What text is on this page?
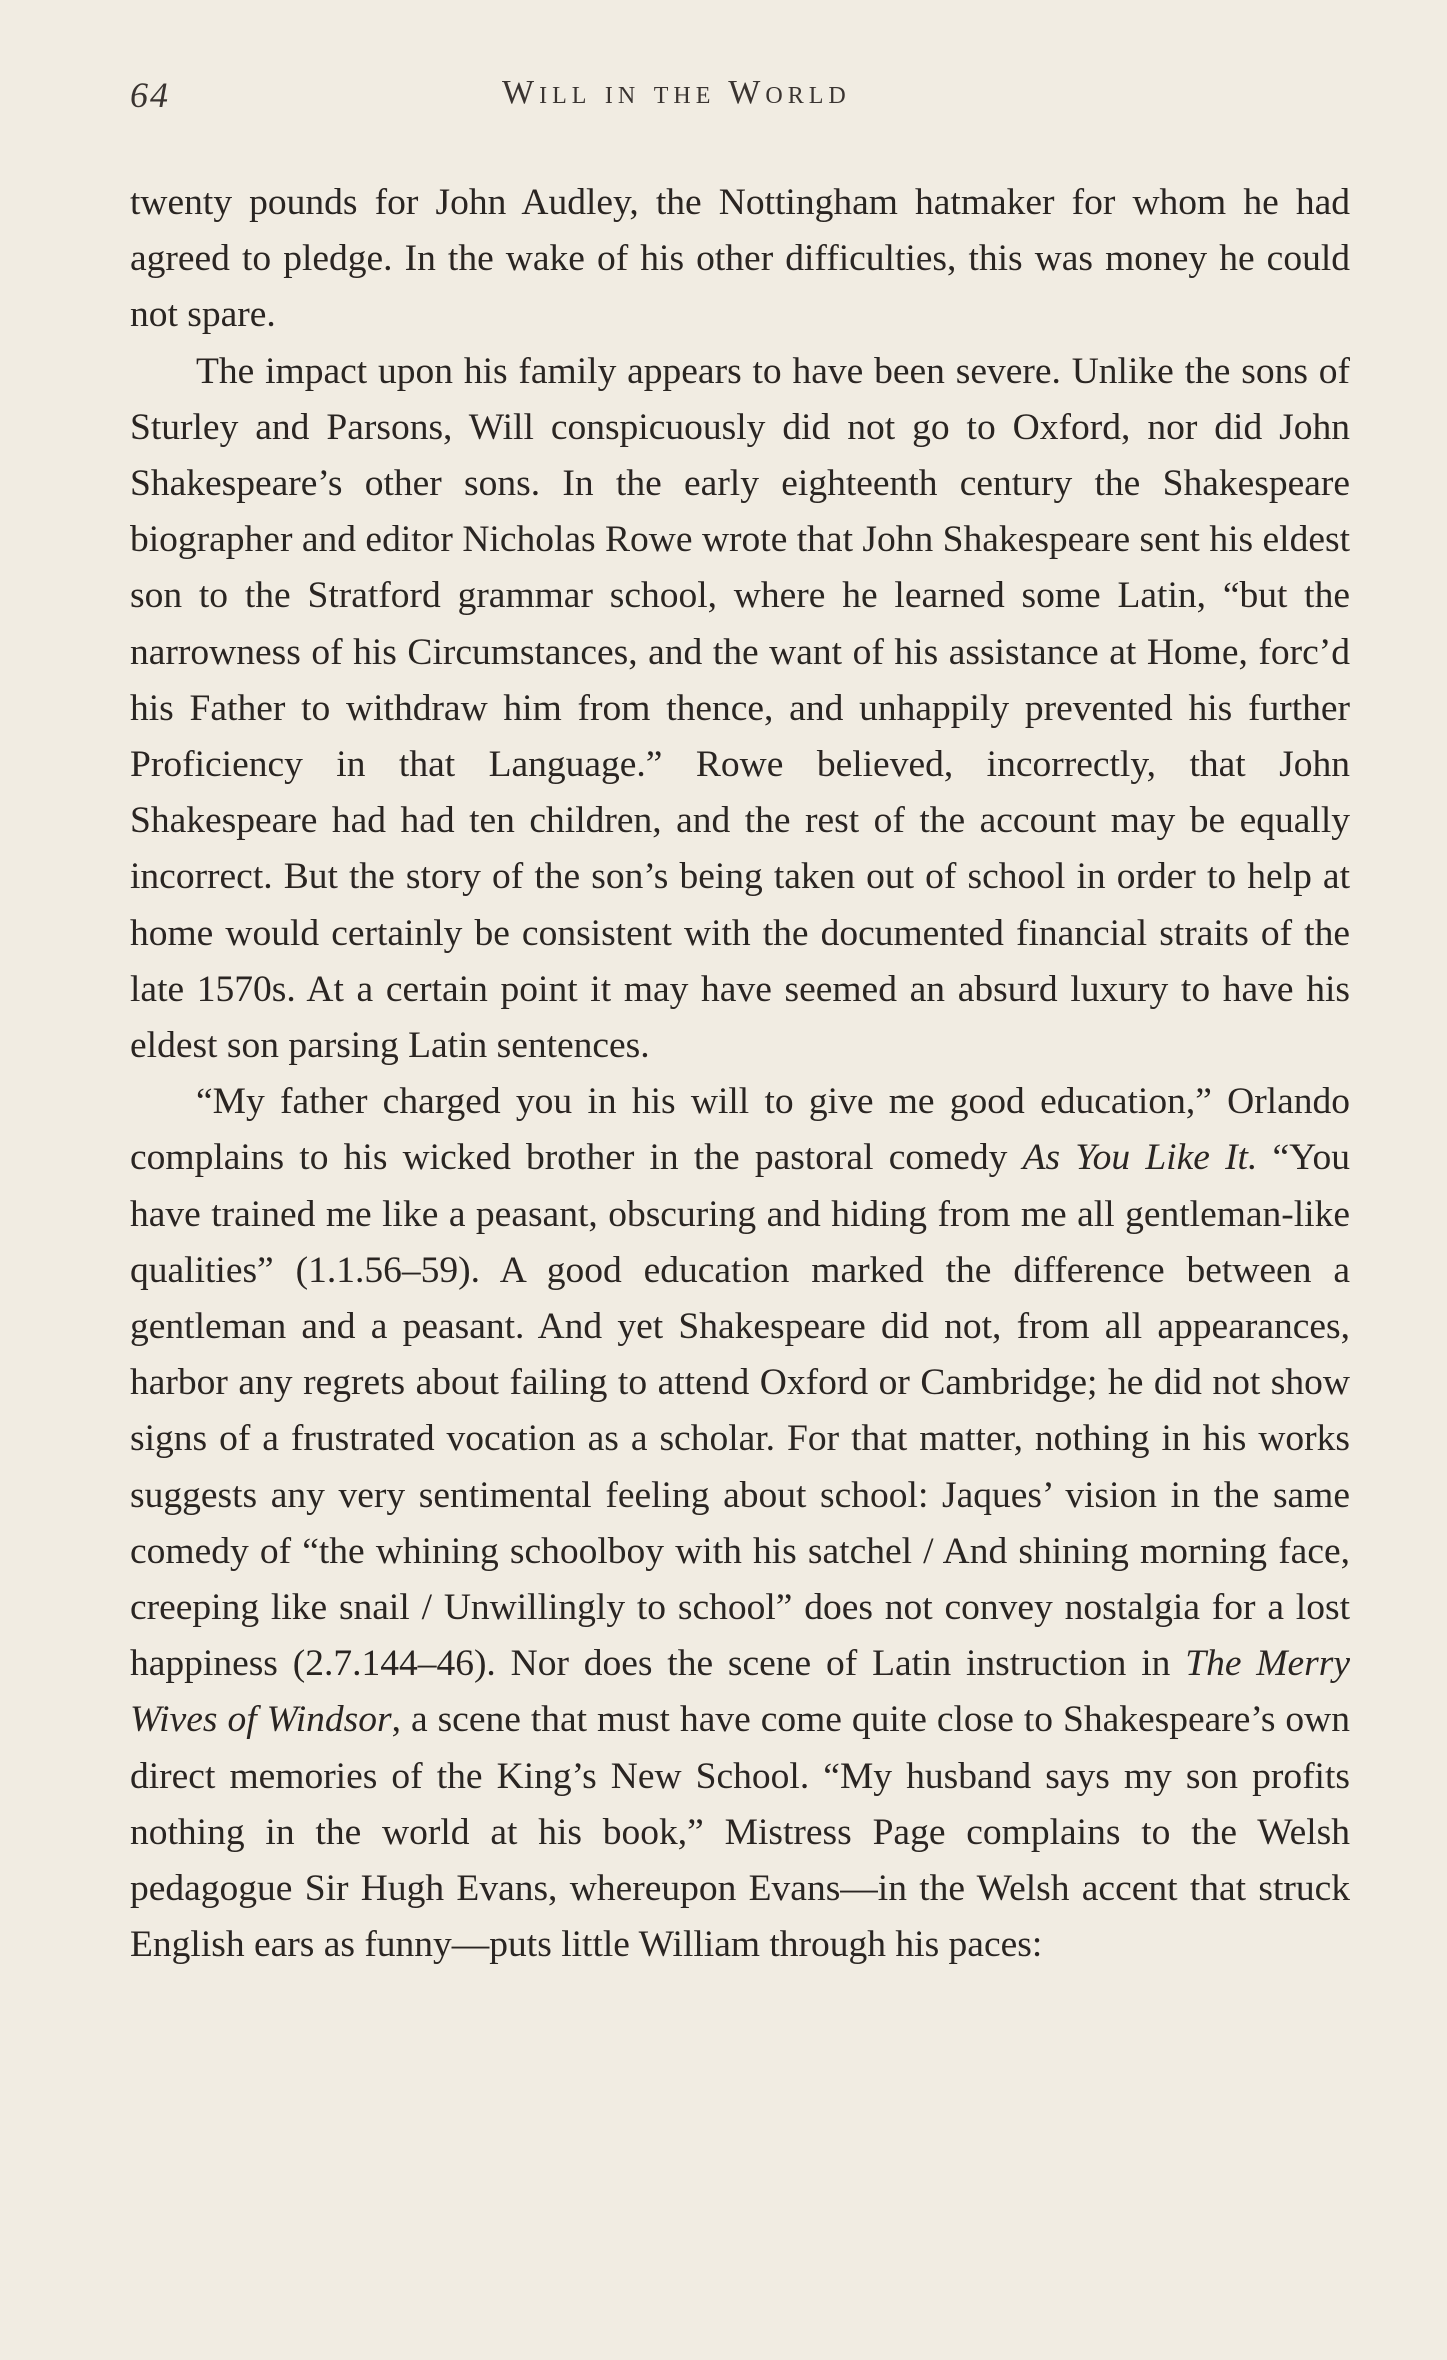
64	Will in the World

twenty pounds for John Audley, the Nottingham hatmaker for whom he had agreed to pledge. In the wake of his other difficulties, this was money he could not spare.

The impact upon his family appears to have been severe. Unlike the sons of Sturley and Parsons, Will conspicuously did not go to Oxford, nor did John Shakespeare’s other sons. In the early eighteenth century the Shakespeare biographer and editor Nicholas Rowe wrote that John Shakespeare sent his eldest son to the Stratford grammar school, where he learned some Latin, “but the narrowness of his Circumstances, and the want of his assistance at Home, forc’d his Father to withdraw him from thence, and unhappily prevented his further Proficiency in that Language.” Rowe believed, incorrectly, that John Shakespeare had had ten children, and the rest of the account may be equally incorrect. But the story of the son’s being taken out of school in order to help at home would certainly be consistent with the documented financial straits of the late 1570s. At a certain point it may have seemed an absurd luxury to have his eldest son parsing Latin sentences.

“My father charged you in his will to give me good education,” Orlando complains to his wicked brother in the pastoral comedy As You Like It. “You have trained me like a peasant, obscuring and hiding from me all gentleman-like qualities” (1.1.56–59). A good education marked the difference between a gentleman and a peasant. And yet Shakespeare did not, from all appearances, harbor any regrets about failing to attend Oxford or Cambridge; he did not show signs of a frustrated vocation as a scholar. For that matter, nothing in his works suggests any very sentimental feeling about school: Jaques’ vision in the same comedy of “the whining schoolboy with his satchel / And shining morning face, creeping like snail / Unwillingly to school” does not convey nostalgia for a lost happiness (2.7.144–46). Nor does the scene of Latin instruction in The Merry Wives of Windsor, a scene that must have come quite close to Shakespeare’s own direct memories of the King’s New School. “My husband says my son profits nothing in the world at his book,” Mistress Page complains to the Welsh pedagogue Sir Hugh Evans, whereupon Evans—in the Welsh accent that struck English ears as funny—puts little William through his paces:
